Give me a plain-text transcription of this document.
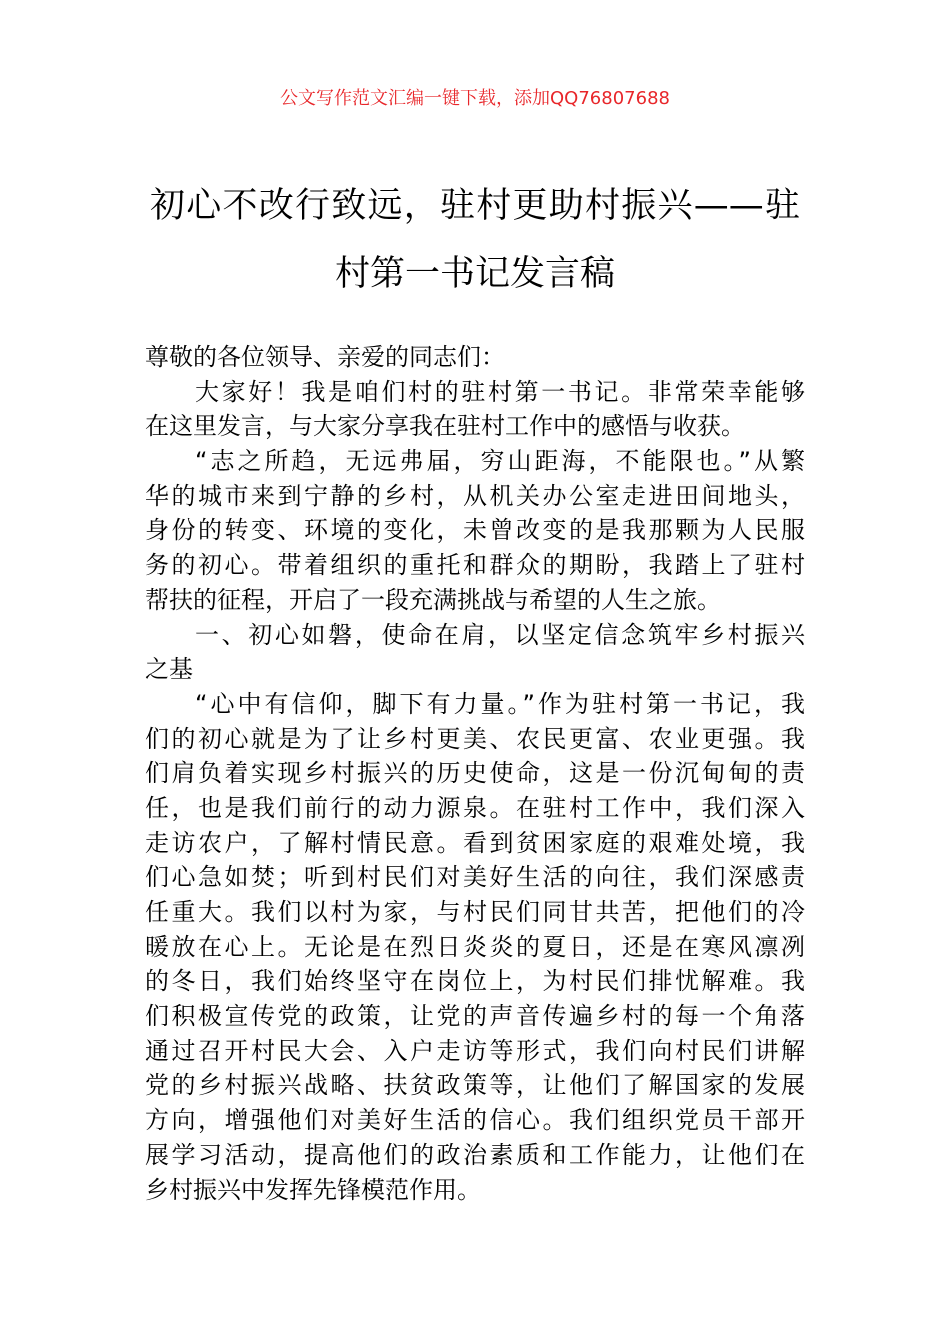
公文写作范文汇编一键下载，添加QQ76807688
初心不改行致远，驻村更助村振兴——驻
村第一书记发言稿
尊敬的各位领导、亲爱的同志们：
大家好！我是咱们村的驻村第一书记。非常荣幸能够
在这里发言，与大家分享我在驻村工作中的感悟与收获。
“志之所趋，无远弗届，穷山距海，不能限也。”从繁
华的城市来到宁静的乡村，从机关办公室走进田间地头，
身份的转变、环境的变化，未曾改变的是我那颗为人民服
务的初心。带着组织的重托和群众的期盼，我踏上了驻村
帮扶的征程，开启了一段充满挑战与希望的人生之旅。
一、初心如磐，使命在肩，以坚定信念筑牢乡村振兴
之基
“心中有信仰，脚下有力量。”作为驻村第一书记，我
们的初心就是为了让乡村更美、农民更富、农业更强。我
们肩负着实现乡村振兴的历史使命，这是一份沉甸甸的责
任，也是我们前行的动力源泉。在驻村工作中，我们深入
走访农户，了解村情民意。看到贫困家庭的艰难处境，我
们心急如焚；听到村民们对美好生活的向往，我们深感责
任重大。我们以村为家，与村民们同甘共苦，把他们的冷
暖放在心上。无论是在烈日炎炎的夏日，还是在寒风凛冽
的冬日，我们始终坚守在岗位上，为村民们排忧解难。我
们积极宣传党的政策，让党的声音传遍乡村的每一个角落
通过召开村民大会、入户走访等形式，我们向村民们讲解
党的乡村振兴战略、扶贫政策等，让他们了解国家的发展
方向，增强他们对美好生活的信心。我们组织党员干部开
展学习活动，提高他们的政治素质和工作能力，让他们在
乡村振兴中发挥先锋模范作用。
